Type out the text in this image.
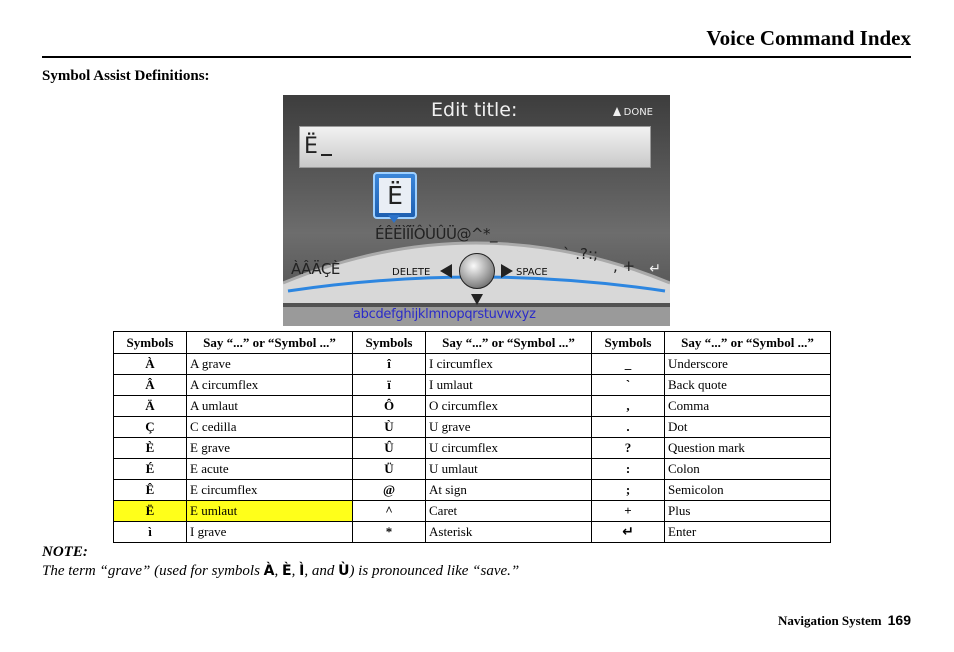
Voice Command Index
Symbol Assist Definitions:
Edit title:	DONE
Ë
Ë
ÉÊËÌÎÏÔÙÛÜ@^*_
` .?:;
ÀÂÄÇÈ	, +
DELETE	SPACE	↵
abcdefghijklmnopqrstuvwxyz
Symbols	Say “...” or “Symbol ...”	Symbols	Say “...” or “Symbol ...”	Symbols	Say “...” or “Symbol ...”
À	A grave	î	I circumflex	_	Underscore
Â	A circumflex	ï	I umlaut	`	Back quote
Ä	A umlaut	Ô	O circumflex	,	Comma
Ç	C cedilla	Ù	U grave	.	Dot
È	E grave	Û	U circumflex	?	Question mark
É	E acute	Ü	U umlaut	:	Colon
Ê	E circumflex	@	At sign	;	Semicolon
Ë	E umlaut	^	Caret	+	Plus
ì	I grave	*	Asterisk	↵	Enter
NOTE:
The term “grave” (used for symbols À, È, Ì, and Ù) is pronounced like “save.”
Navigation System 169
